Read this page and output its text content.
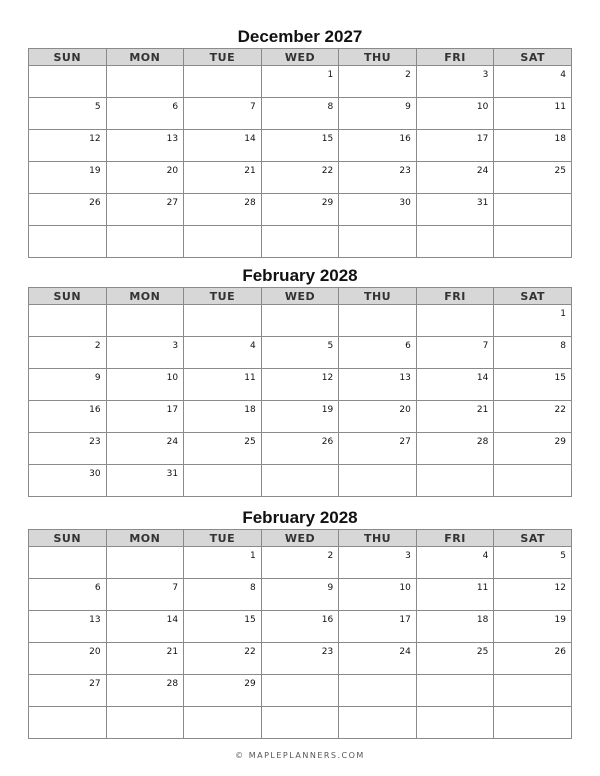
December 2027
SUN	MON	TUE	WED	THU	FRI	SAT
			1	2	3	4
5	6	7	8	9	10	11
12	13	14	15	16	17	18
19	20	21	22	23	24	25
26	27	28	29	30	31	

February 2028
SUN	MON	TUE	WED	THU	FRI	SAT
						1
2	3	4	5	6	7	8
9	10	11	12	13	14	15
16	17	18	19	20	21	22
23	24	25	26	27	28	29
30	31					
February 2028
SUN	MON	TUE	WED	THU	FRI	SAT
		1	2	3	4	5
6	7	8	9	10	11	12
13	14	15	16	17	18	19
20	21	22	23	24	25	26
27	28	29				

© MAPLEPLANNERS.COM
